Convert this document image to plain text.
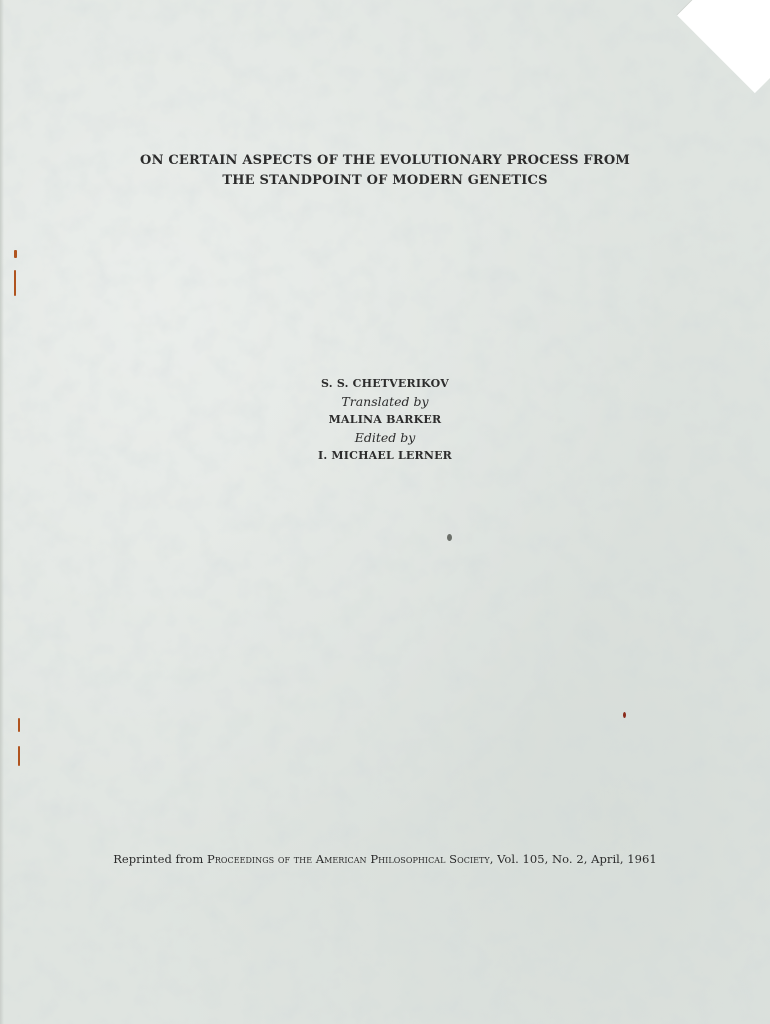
ON CERTAIN ASPECTS OF THE EVOLUTIONARY PROCESS FROM
THE STANDPOINT OF MODERN GENETICS
S. S. CHETVERIKOV
Translated by
MALINA BARKER
Edited by
I. MICHAEL LERNER
Reprinted from Proceedings of the American Philosophical Society, Vol. 105, No. 2, April, 1961
